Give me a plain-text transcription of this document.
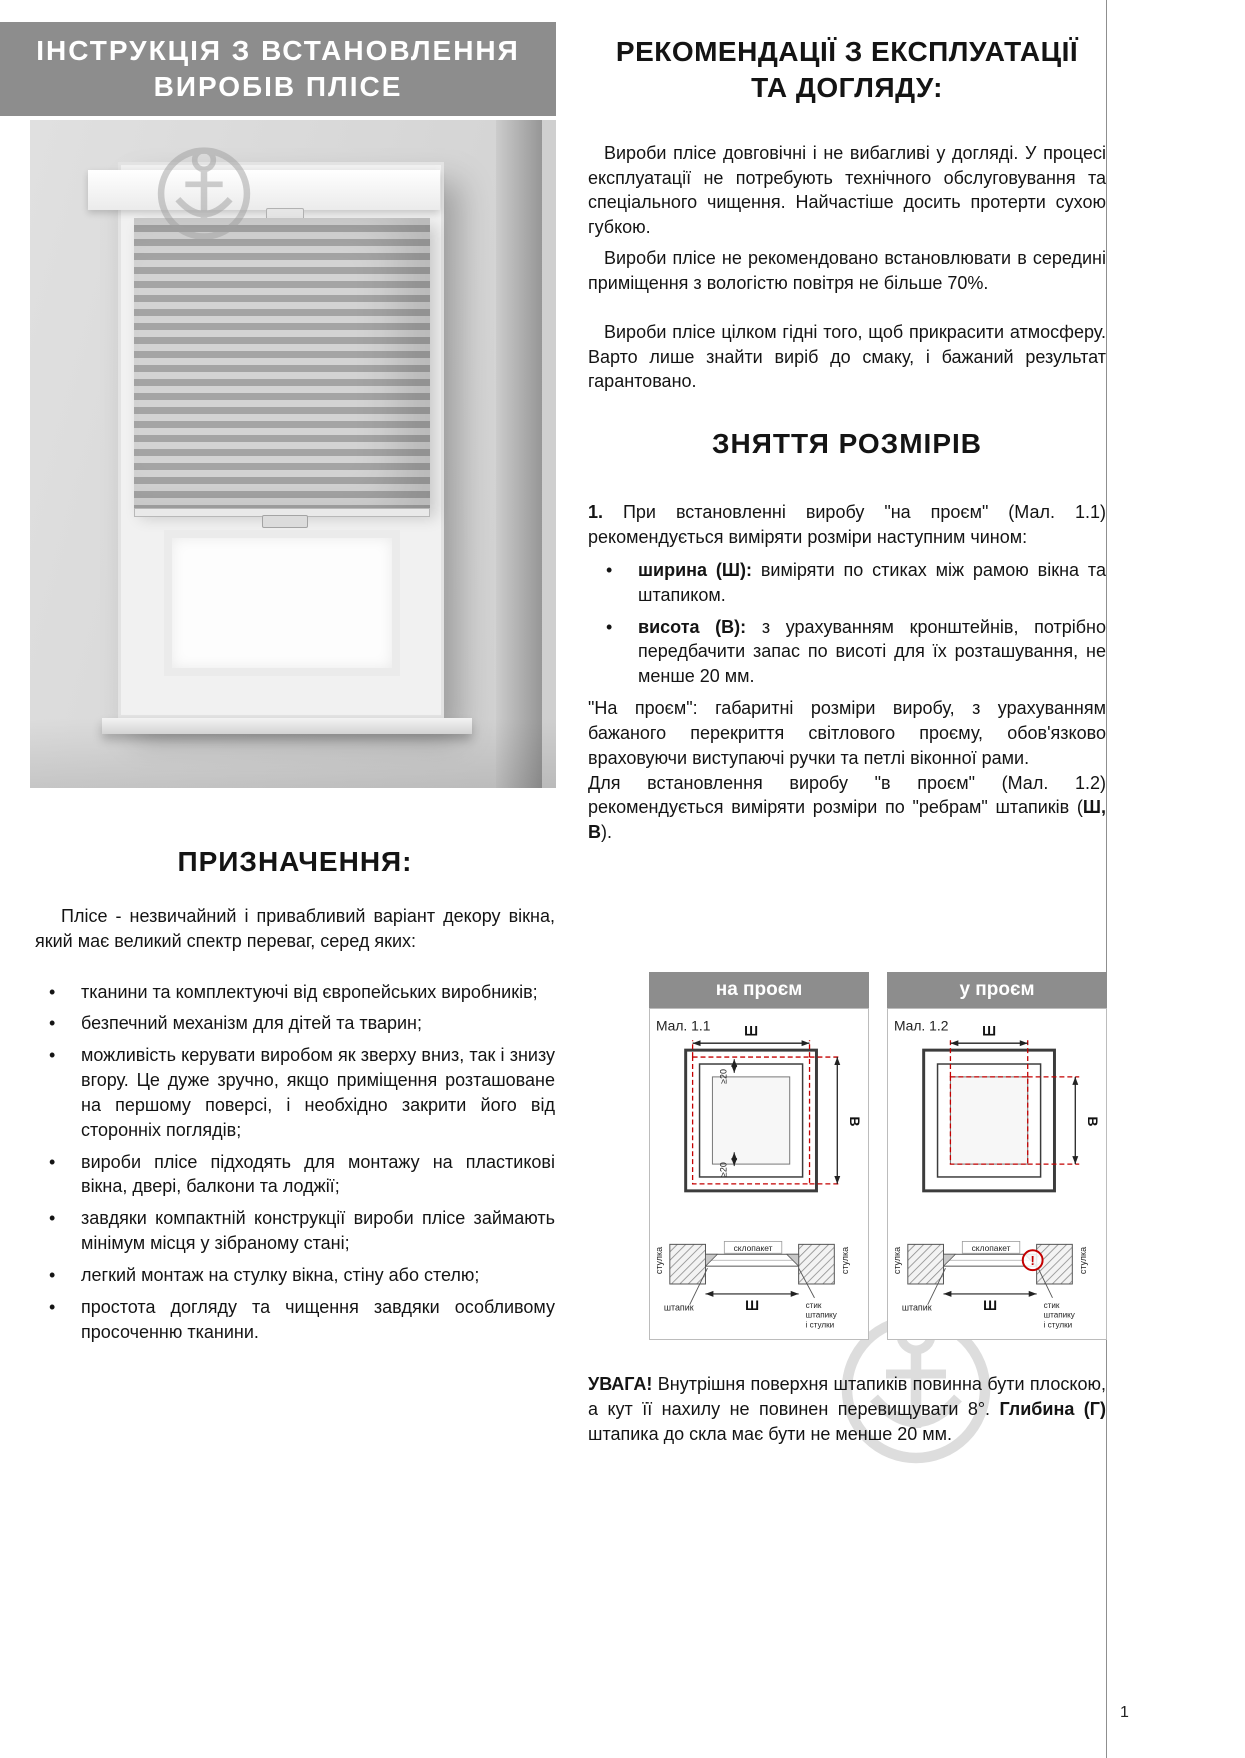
ІНСТРУКЦІЯ З ВСТАНОВЛЕННЯ
ВИРОБІВ ПЛІСЕ
ПРИЗНАЧЕННЯ:

Плісе - незвичайний і привабливий варіант декору вікна, який має великий спектр переваг, серед яких:

• тканини та комплектуючі від європейських виробників;
• безпечний механізм для дітей та тварин;
• можливість керувати виробом як зверху вниз, так і знизу вгору. Це дуже зручно, якщо приміщення розташоване на першому поверсі, і необхідно закрити його від сторонніх поглядів;
• вироби плісе підходять для монтажу на пластикові вікна, двері, балкони та лоджії;
• завдяки компактній конструкції вироби плісе займають мінімум місця у зібраному стані;
• легкий монтаж на стулку вікна, стіну або стелю;
• простота догляду та чищення завдяки особливому просоченню тканини.
РЕКОМЕНДАЦІЇ З ЕКСПЛУАТАЦІЇ
ТА ДОГЛЯДУ:

Вироби плісе довговічні і не вибагливі у догляді. У процесі експлуатації не потребують технічного обслуговування та спеціального чищення. Найчастіше досить протерти сухою губкою.

Вироби плісе не рекомендовано встановлювати в середині приміщення з вологістю повітря не більше 70%.

Вироби плісе цілком гідні того, щоб прикрасити атмосферу. Варто лише знайти виріб до смаку, і бажаний результат гарантовано.

ЗНЯТТЯ РОЗМІРІВ

1. При встановленні виробу "на проєм" (Мал. 1.1) рекомендується виміряти розміри наступним чином:

• ширина (Ш): виміряти по стиках між рамою вікна та штапиком.
• висота (В): з урахуванням кронштейнів, потрібно передбачити запас по висоті для їх розташування, не менше 20 мм.

"На проєм": габаритні розміри виробу, з урахуванням бажаного перекриття світлового проєму, обов'язково враховуючи виступаючі ручки та петлі віконної рами.

Для встановлення виробу "в проєм" (Мал. 1.2) рекомендується виміряти розміри по "ребрам" штапиків (Ш, В).

на проєм
Мал. 1.1 Ш
В
≥20
≥20
стулка	стулка
склопакет
штапик	Ш	стик
штапику
і стулки
у проєм
Мал. 1.2 Ш
В
стулка	стулка
склопакет
штапик	Ш
!
стик
штапику
і стулки

УВАГА! Внутрішня поверхня штапиків повинна бути плоскою, а кут її нахилу не повинен перевищувати 8°. Глибина (Г) штапика до скла має бути не менше 20 мм.

1
